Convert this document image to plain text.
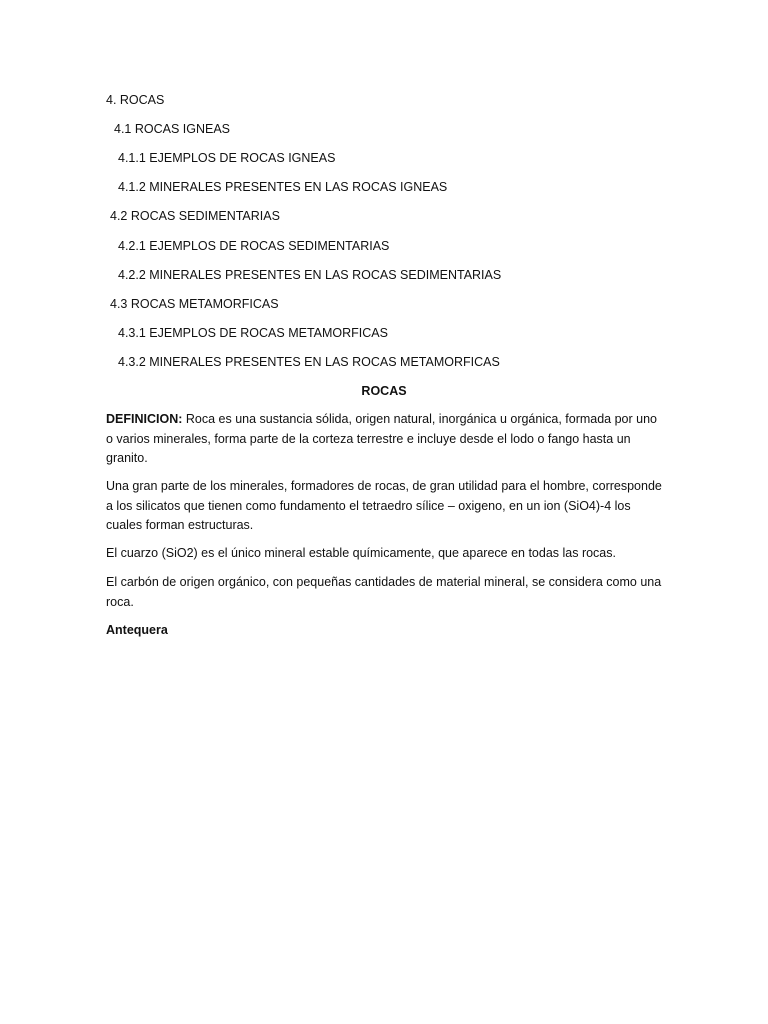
4. ROCAS
4.1 ROCAS IGNEAS
4.1.1 EJEMPLOS DE ROCAS IGNEAS
4.1.2 MINERALES PRESENTES EN LAS ROCAS IGNEAS
4.2 ROCAS SEDIMENTARIAS
4.2.1 EJEMPLOS DE ROCAS SEDIMENTARIAS
4.2.2 MINERALES PRESENTES EN LAS ROCAS SEDIMENTARIAS
4.3 ROCAS METAMORFICAS
4.3.1 EJEMPLOS DE ROCAS METAMORFICAS
4.3.2 MINERALES PRESENTES EN LAS ROCAS METAMORFICAS
ROCAS
DEFINICION: Roca es una sustancia sólida, origen natural, inorgánica u orgánica, formada por uno o varios minerales, forma parte de la corteza terrestre e incluye desde el lodo o fango hasta un granito.
Una gran parte de los minerales, formadores de rocas, de gran utilidad para el hombre, corresponde a los silicatos que tienen como fundamento el tetraedro sílice – oxigeno, en un ion (SiO4)-4 los cuales forman estructuras.
El cuarzo (SiO2) es el único mineral estable químicamente, que aparece en todas las rocas.
El carbón de origen orgánico, con pequeñas cantidades de material mineral, se considera como una roca.
Antequera
